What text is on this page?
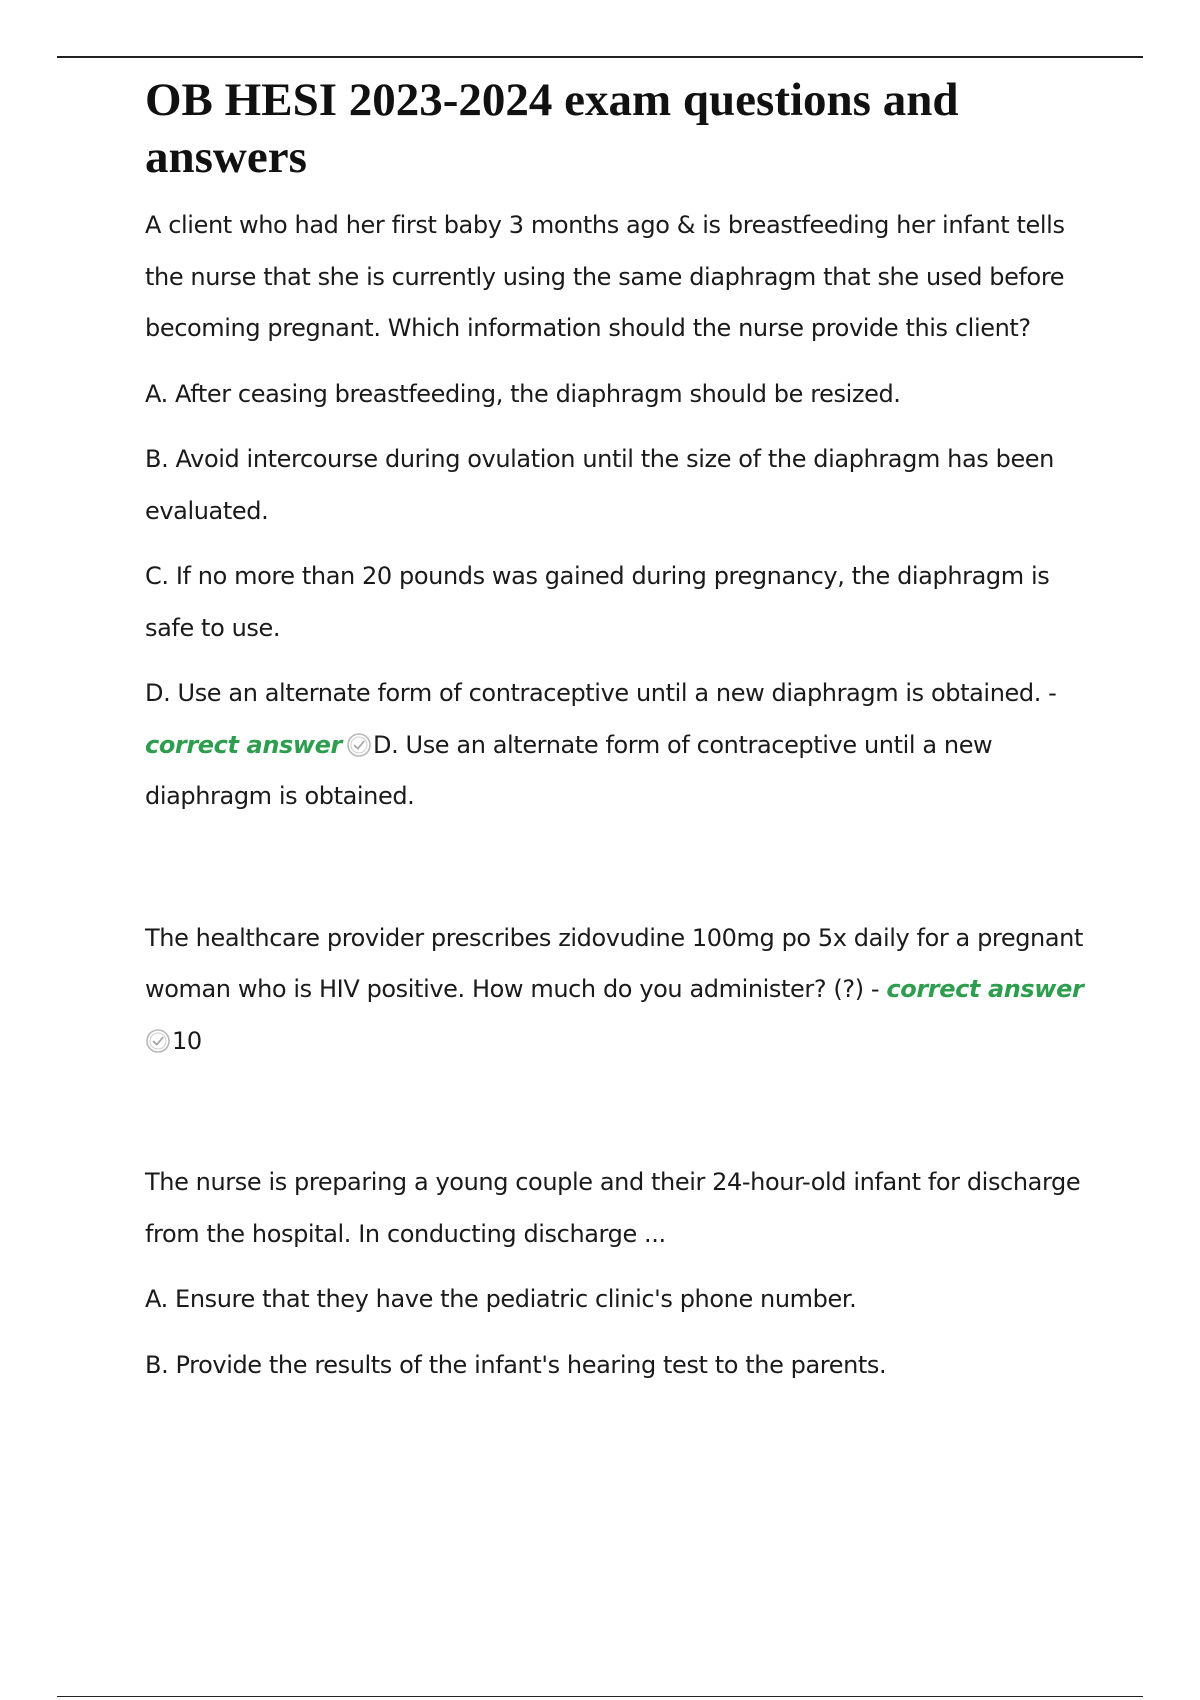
OB HESI 2023-2024 exam questions and answers

A client who had her first baby 3 months ago & is breastfeeding her infant tells the nurse that she is currently using the same diaphragm that she used before becoming pregnant. Which information should the nurse provide this client?

A. After ceasing breastfeeding, the diaphragm should be resized.

B. Avoid intercourse during ovulation until the size of the diaphragm has been evaluated.

C. If no more than 20 pounds was gained during pregnancy, the diaphragm is safe to use.

D. Use an alternate form of contraceptive until a new diaphragm is obtained. - correct answer D. Use an alternate form of contraceptive until a new diaphragm is obtained.

The healthcare provider prescribes zidovudine 100mg po 5x daily for a pregnant woman who is HIV positive. How much do you administer? (?) - correct answer
10

The nurse is preparing a young couple and their 24-hour-old infant for discharge from the hospital. In conducting discharge ...

A. Ensure that they have the pediatric clinic's phone number.

B. Provide the results of the infant's hearing test to the parents.
